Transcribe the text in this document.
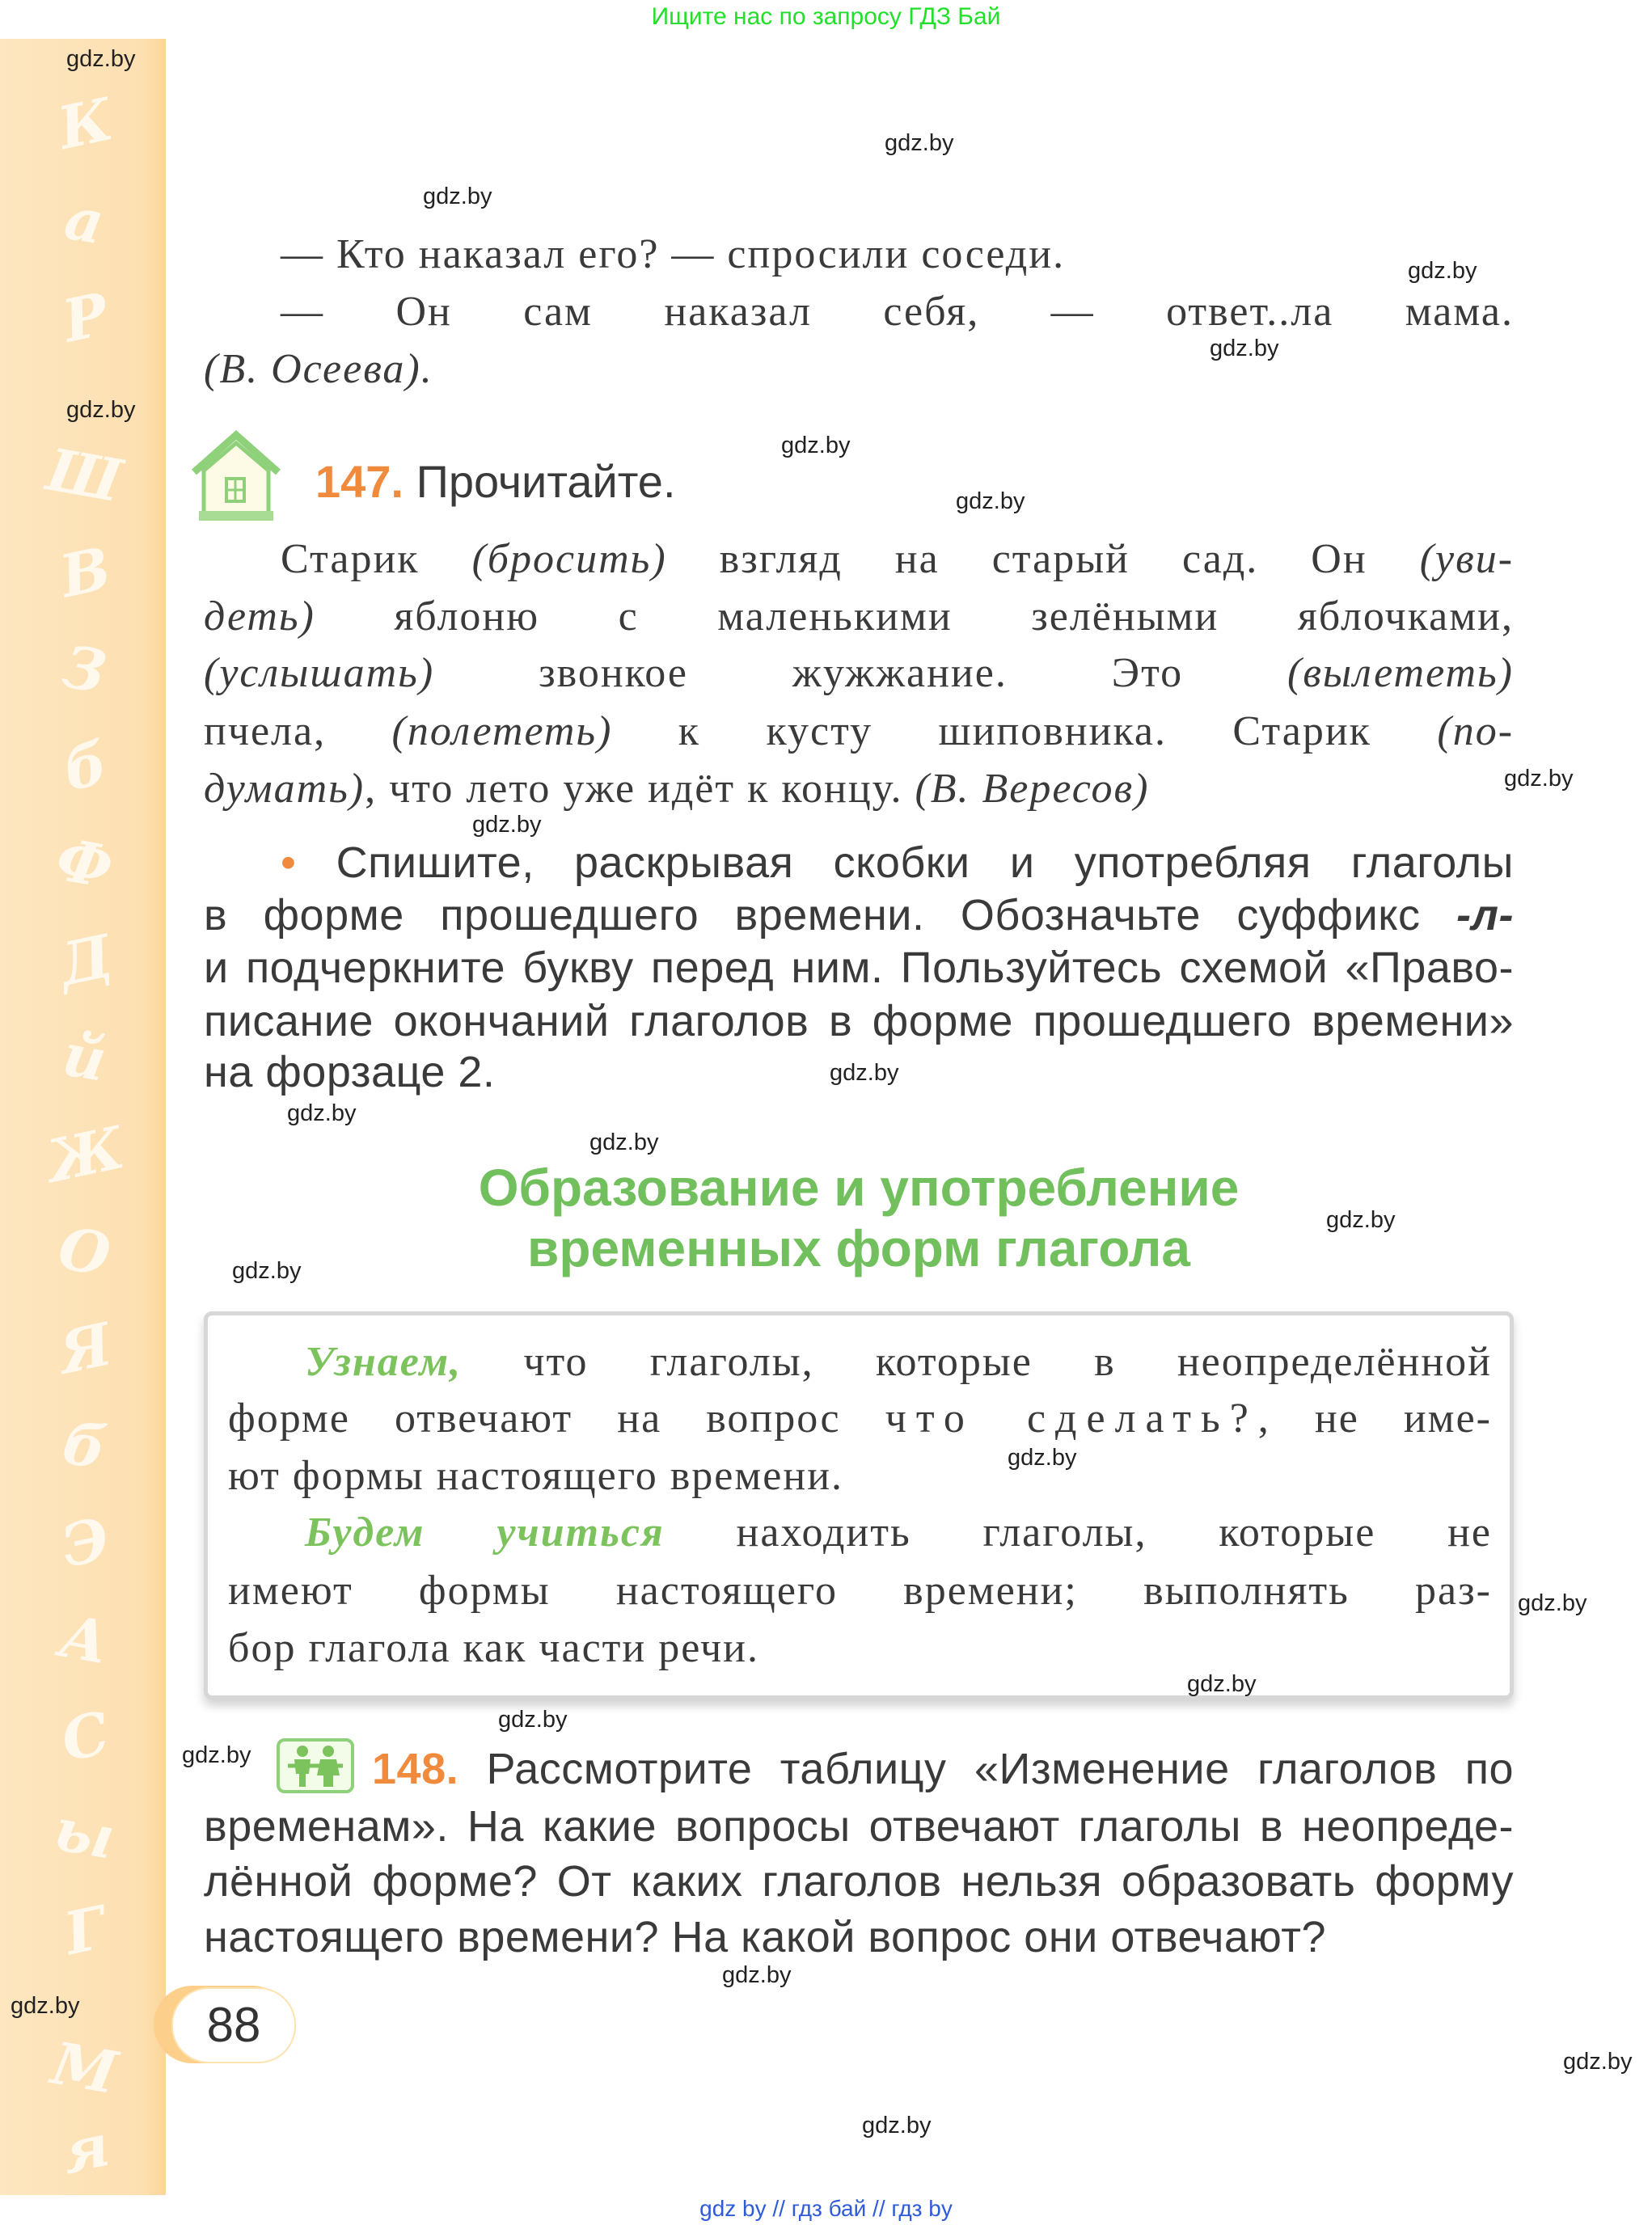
Ищите нас по запросу ГДЗ Бай
К
а
Р
Ш
В
З
б
Ф
Д
й
Ж
О
Я
б
Э
А
С
ы
Г
М
я
— Кто наказал его? — спросили соседи.
— Он сам наказал себя, — ответ..ла мама.
(В. Осеева).
147. Прочитайте.
Старик (бросить) взгляд на старый сад. Он (уви-
деть) яблоню с маленькими зелёными яблочками,
(услышать) звонкое жужжание. Это (вылететь)
пчела, (полететь) к кусту шиповника. Старик (по-
думать), что лето уже идёт к концу. (В. Вересов)
• Спишите, раскрывая скобки и употребляя глаголы
в форме прошедшего времени. Обозначьте суффикс -л-
и подчеркните букву перед ним. Пользуйтесь схемой «Право-
писание окончаний глаголов в форме прошедшего времени»
на форзаце 2.
Образование и употребление
временных форм глагола
Узнаем, что глаголы, которые в неопределённой
форме отвечают на вопрос что сделать?, не име-
ют формы настоящего времени.
Будем учиться находить глаголы, которые не
имеют формы настоящего времени; выполнять раз-
бор глагола как части речи.
148. Рассмотрите таблицу «Изменение глаголов по
временам». На какие вопросы отвечают глаголы в неопреде-
лённой форме? От каких глаголов нельзя образовать форму
настоящего времени? На какой вопрос они отвечают?
88
gdz.by
gdz.by
gdz.by
gdz.by
gdz.by
gdz.by
gdz.by
gdz.by
gdz.by
gdz.by
gdz.by
gdz.by
gdz.by
gdz.by
gdz.by
gdz.by
gdz.by
gdz.by
gdz.by
gdz.by
gdz.by
gdz.by
gdz.by
gdz.by
gdz by // гдз бай // гдз by
